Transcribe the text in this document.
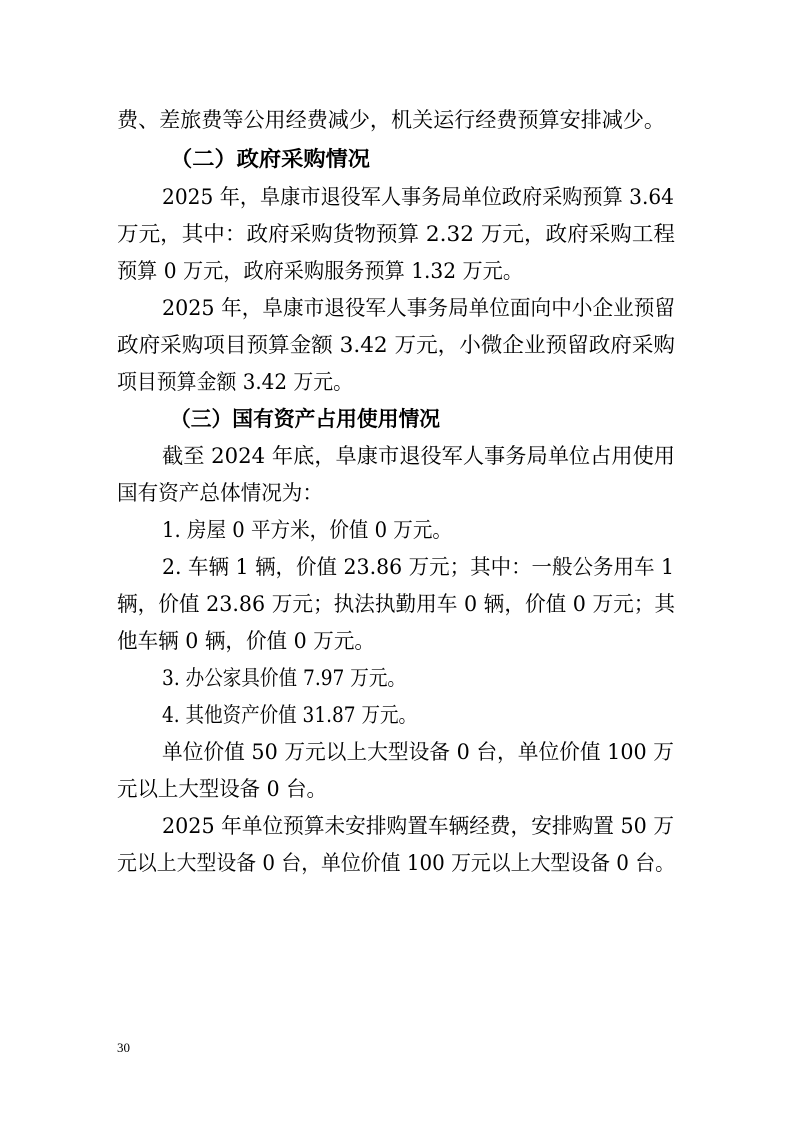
费、差旅费等公用经费减少，机关运行经费预算安排减少。
（二）政府采购情况
2025 年，阜康市退役军人事务局单位政府采购预算 3.64
万元，其中：政府采购货物预算 2.32 万元，政府采购工程
预算 0 万元，政府采购服务预算 1.32 万元。
2025 年，阜康市退役军人事务局单位面向中小企业预留
政府采购项目预算金额 3.42 万元，小微企业预留政府采购
项目预算金额 3.42 万元。
（三）国有资产占用使用情况
截至 2024 年底，阜康市退役军人事务局单位占用使用
国有资产总体情况为：
1. 房屋 0 平方米，价值 0 万元。
2. 车辆 1 辆，价值 23.86 万元；其中：一般公务用车 1
辆，价值 23.86 万元；执法执勤用车 0 辆，价值 0 万元；其
他车辆 0 辆，价值 0 万元。
3. 办公家具价值 7.97 万元。
4. 其他资产价值 31.87 万元。
单位价值 50 万元以上大型设备 0 台，单位价值 100 万
元以上大型设备 0 台。
2025 年单位预算未安排购置车辆经费，安排购置 50 万
元以上大型设备 0 台，单位价值 100 万元以上大型设备 0 台。
30
